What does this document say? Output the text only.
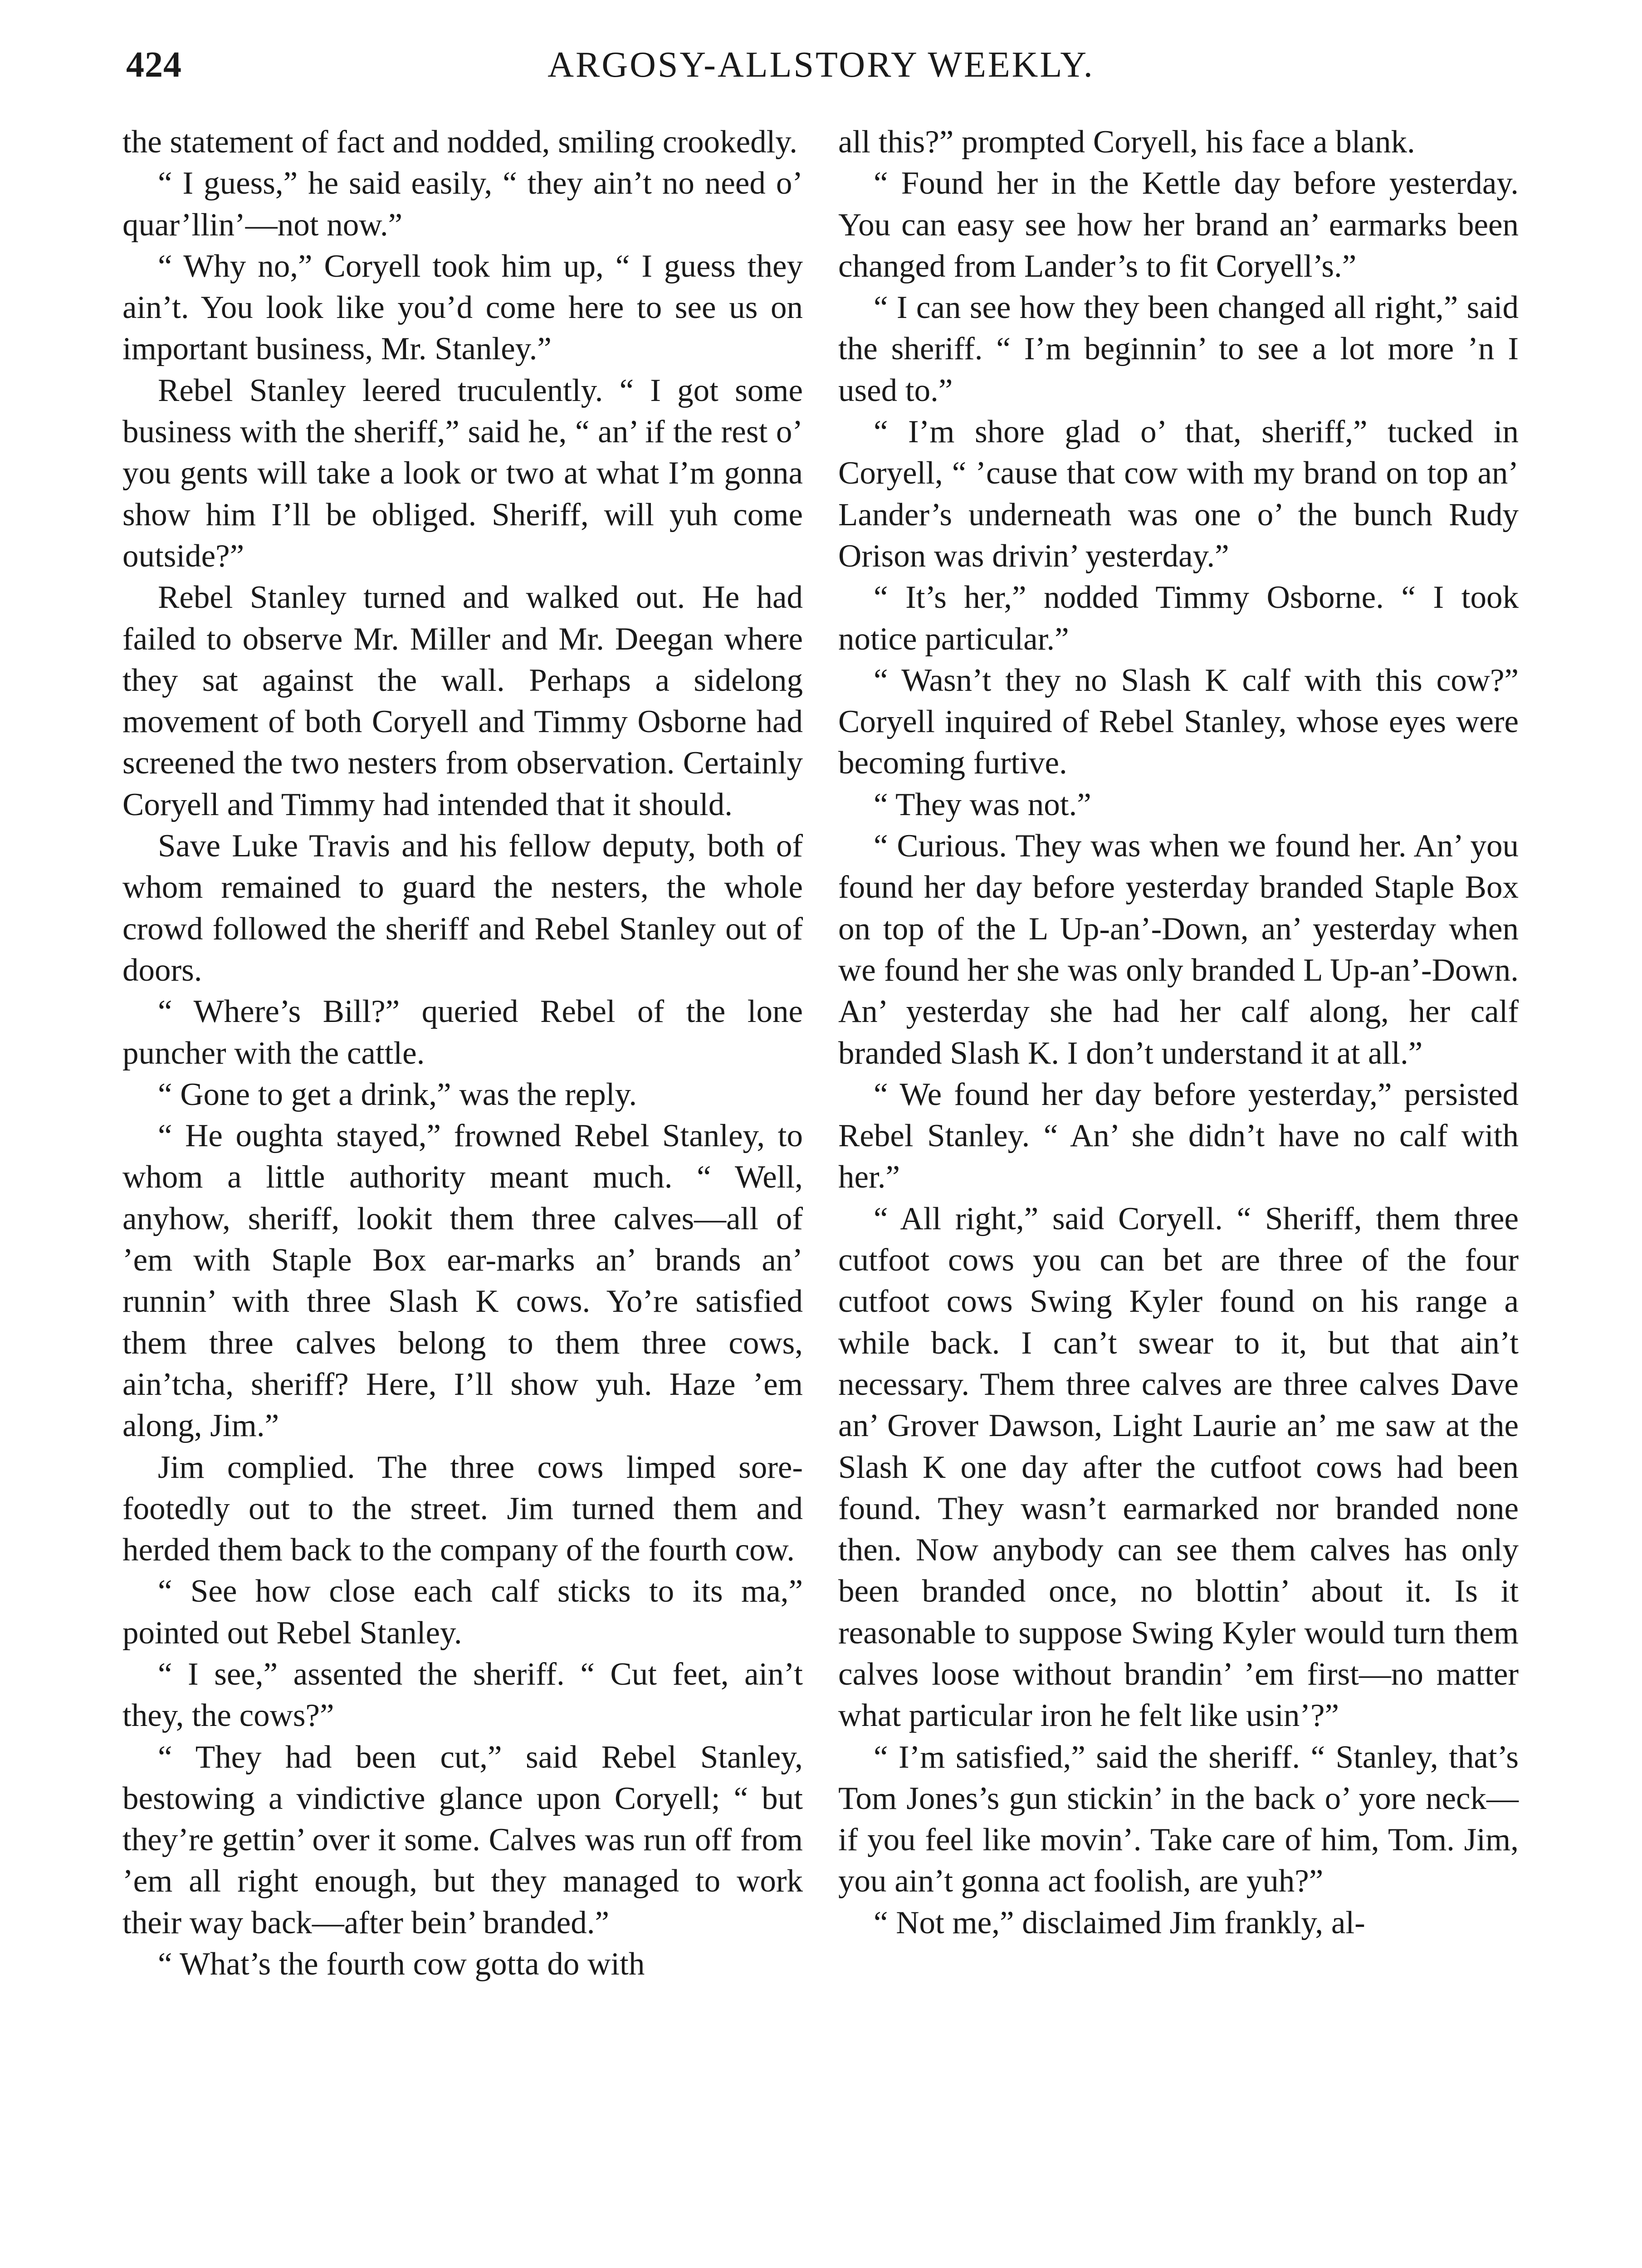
424	ARGOSY-ALLSTORY WEEKLY.

the statement of fact and nodded, smiling crookedly.

“ I guess,” he said easily, “ they ain’t no need o’ quar’llin’—not now.”

“ Why no,” Coryell took him up, “ I guess they ain’t. You look like you’d come here to see us on important business, Mr. Stanley.”

Rebel Stanley leered truculently. “ I got some business with the sheriff,” said he, “ an’ if the rest o’ you gents will take a look or two at what I’m gonna show him I’ll be obliged. Sheriff, will yuh come outside?”

Rebel Stanley turned and walked out. He had failed to observe Mr. Miller and Mr. Deegan where they sat against the wall. Perhaps a sidelong movement of both Coryell and Timmy Osborne had screened the two nesters from observation. Certainly Coryell and Timmy had intended that it should.

Save Luke Travis and his fellow deputy, both of whom remained to guard the nesters, the whole crowd followed the sheriff and Rebel Stanley out of doors.

“ Where’s Bill?” queried Rebel of the lone puncher with the cattle.

“ Gone to get a drink,” was the reply.

“ He oughta stayed,” frowned Rebel Stanley, to whom a little authority meant much. “ Well, anyhow, sheriff, lookit them three calves—all of ’em with Staple Box ear-marks an’ brands an’ runnin’ with three Slash K cows. Yo’re satisfied them three calves belong to them three cows, ain’tcha, sheriff? Here, I’ll show yuh. Haze ’em along, Jim.”

Jim complied. The three cows limped sore-footedly out to the street. Jim turned them and herded them back to the company of the fourth cow.

“ See how close each calf sticks to its ma,” pointed out Rebel Stanley.

“ I see,” assented the sheriff. “ Cut feet, ain’t they, the cows?”

“ They had been cut,” said Rebel Stanley, bestowing a vindictive glance upon Coryell; “ but they’re gettin’ over it some. Calves was run off from ’em all right enough, but they managed to work their way back—after bein’ branded.”

“ What’s the fourth cow gotta do with

all this?” prompted Coryell, his face a blank.

“ Found her in the Kettle day before yesterday. You can easy see how her brand an’ earmarks been changed from Lander’s to fit Coryell’s.”

“ I can see how they been changed all right,” said the sheriff. “ I’m beginnin’ to see a lot more ’n I used to.”

“ I’m shore glad o’ that, sheriff,” tucked in Coryell, “ ’cause that cow with my brand on top an’ Lander’s underneath was one o’ the bunch Rudy Orison was drivin’ yesterday.”

“ It’s her,” nodded Timmy Osborne. “ I took notice particular.”

“ Wasn’t they no Slash K calf with this cow?” Coryell inquired of Rebel Stanley, whose eyes were becoming furtive.

“ They was not.”

“ Curious. They was when we found her. An’ you found her day before yesterday branded Staple Box on top of the L Up-an’-Down, an’ yesterday when we found her she was only branded L Up-an’-Down. An’ yesterday she had her calf along, her calf branded Slash K. I don’t understand it at all.”

“ We found her day before yesterday,” persisted Rebel Stanley. “ An’ she didn’t have no calf with her.”

“ All right,” said Coryell. “ Sheriff, them three cutfoot cows you can bet are three of the four cutfoot cows Swing Kyler found on his range a while back. I can’t swear to it, but that ain’t necessary. Them three calves are three calves Dave an’ Grover Dawson, Light Laurie an’ me saw at the Slash K one day after the cutfoot cows had been found. They wasn’t earmarked nor branded none then. Now anybody can see them calves has only been branded once, no blottin’ about it. Is it reasonable to suppose Swing Kyler would turn them calves loose without brandin’ ’em first—no matter what particular iron he felt like usin’?”

“ I’m satisfied,” said the sheriff. “ Stanley, that’s Tom Jones’s gun stickin’ in the back o’ yore neck—if you feel like movin’. Take care of him, Tom. Jim, you ain’t gonna act foolish, are yuh?”

“ Not me,” disclaimed Jim frankly, al-
